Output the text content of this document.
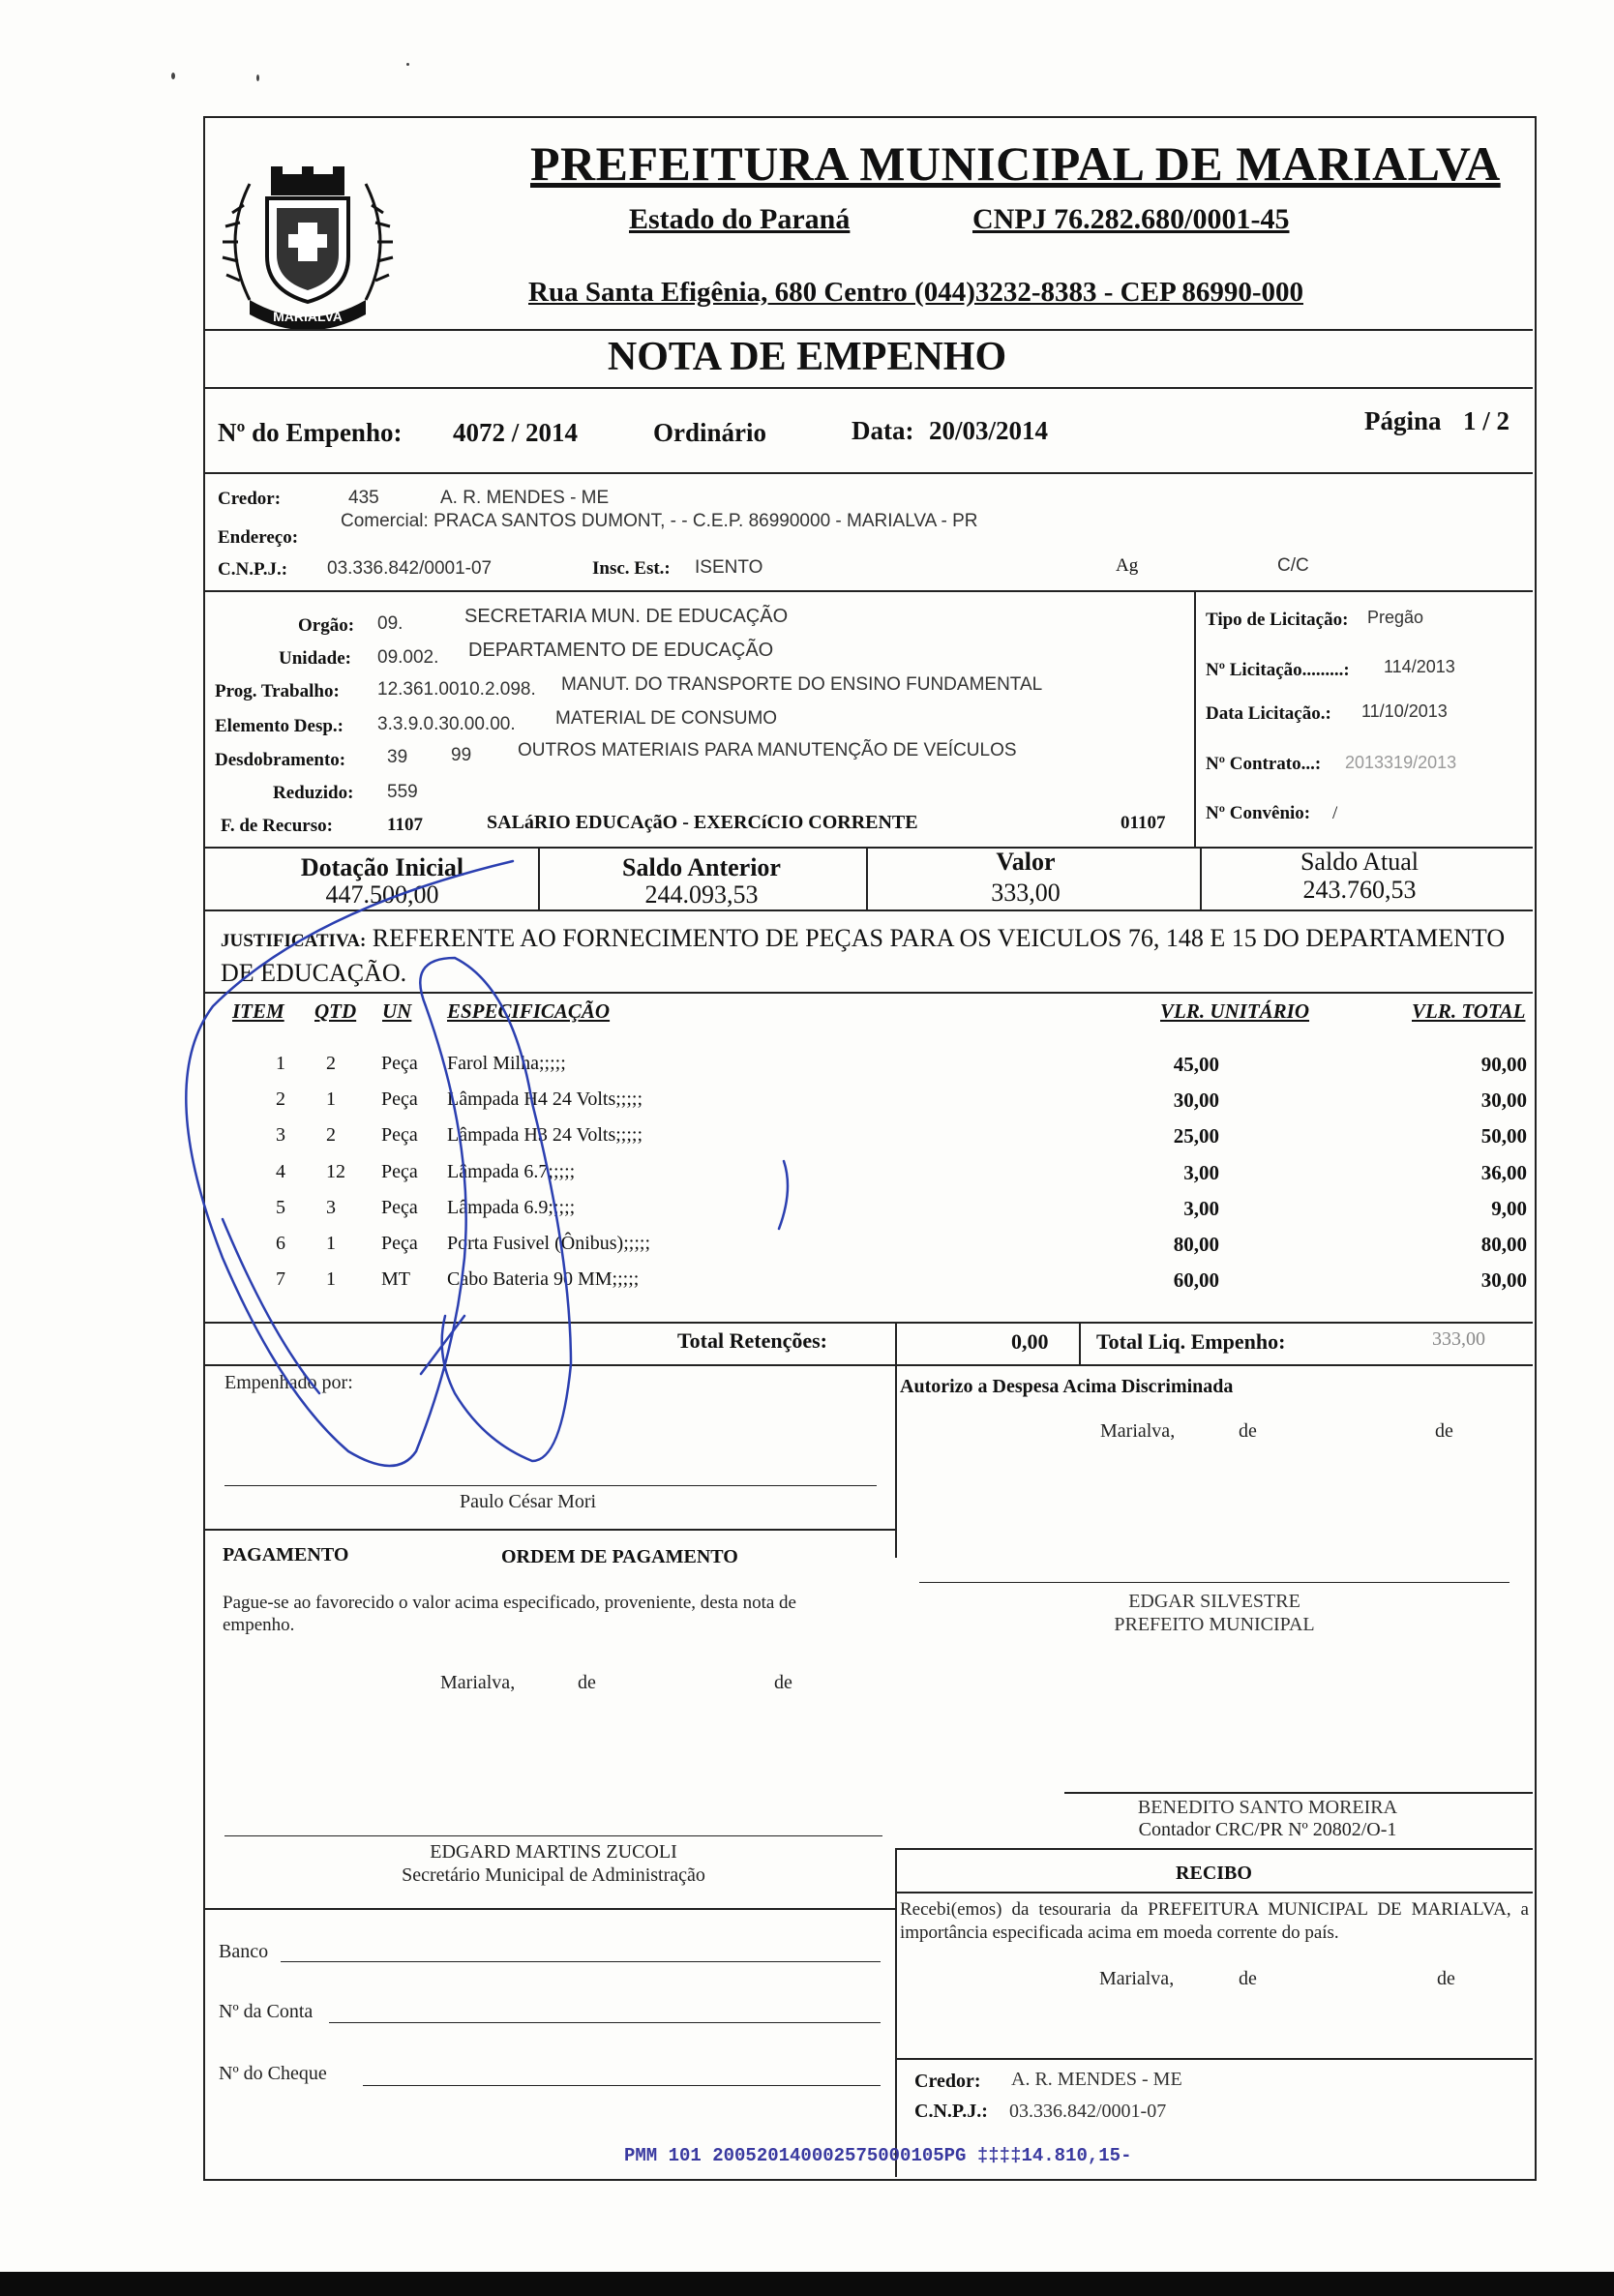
MARIALVA
PREFEITURA MUNICIPAL DE MARIALVA
Estado do Paraná	CNPJ 76.282.680/0001-45
Rua Santa Efigênia, 680 Centro (044)3232-8383 - CEP 86990-000
NOTA DE EMPENHO
Nº do Empenho: 4072 / 2014	Ordinário	Data: 20/03/2014	Página 1 / 2
Credor:	435	A. R. MENDES - ME
Endereço:
Comercial: PRACA SANTOS DUMONT, - - C.E.P. 86990000 - MARIALVA - PR
C.N.P.J.: 03.336.842/0001-07	Insc. Est.: ISENTO	Ag	C/C
Orgão: 09.	SECRETARIA MUN. DE EDUCAÇÃO
Unidade: 09.002. DEPARTAMENTO DE EDUCAÇÃO
Prog. Trabalho: 12.361.0010.2.098. MANUT. DO TRANSPORTE DO ENSINO FUNDAMENTAL
Elemento Desp.: 3.3.9.0.30.00.00. MATERIAL DE CONSUMO
Desdobramento: 39 99	OUTROS MATERIAIS PARA MANUTENÇÃO DE VEÍCULOS
Reduzido: 559
F. de Recurso:	1107	SALáRIO EDUCAçãO - EXERCíCIO CORRENTE	01107
Tipo de Licitação: Pregão
Nº Licitação.........: 114/2013
Data Licitação.: 11/10/2013
Nº Contrato...: 2013319/2013
Nº Convênio: /
Dotação Inicial
447.500,00
Saldo Anterior
244.093,53
Valor
333,00
Saldo Atual
243.760,53
JUSTIFICATIVA: REFERENTE AO FORNECIMENTO DE PEÇAS PARA OS VEICULOS 76, 148 E 15 DO DEPARTAMENTO DE EDUCAÇÃO.
ITEM QTD UN ESPECIFICAÇÃO	VLR. UNITÁRIO	VLR. TOTAL
1 2 Peça Farol Milha;;;;;	45,00	90,00
2 1 Peça Lâmpada H4 24 Volts;;;;;	30,00	30,00
3 2 Peça Lâmpada H3 24 Volts;;;;;	25,00	50,00
4 12 Peça Lâmpada 6.7;;;;;	3,00	36,00
5 3 Peça Lâmpada 6.9;;;;;	3,00	9,00
6 1 Peça Porta Fusivel (Ônibus);;;;;	80,00	80,00
7 1 MT Cabo Bateria 90 MM;;;;;	60,00	30,00
Total Retenções:	0,00 Total Liq. Empenho:	333,00
Empenhado por:
Paulo César Mori
Autorizo a Despesa Acima Discriminada
Marialva,	de	de
PAGAMENTO	ORDEM DE PAGAMENTO
Pague-se ao favorecido o valor acima especificado, proveniente, desta nota de empenho.
Marialva,	de	de
EDGAR SILVESTRE
PREFEITO MUNICIPAL
BENEDITO SANTO MOREIRA
Contador CRC/PR Nº 20802/O-1
EDGARD MARTINS ZUCOLI
Secretário Municipal de Administração	RECIBO
Recebi(emos) da tesouraria da PREFEITURA MUNICIPAL DE MARIALVA, a importância especificada acima em moeda corrente do país.
Marialva,	de	de
Credor: A. R. MENDES - ME
C.N.P.J.: 03.336.842/0001-07
Banco
Nº da Conta
Nº do Cheque
PMM 101 200520140002575000105PG ‡‡‡‡14.810,15-
